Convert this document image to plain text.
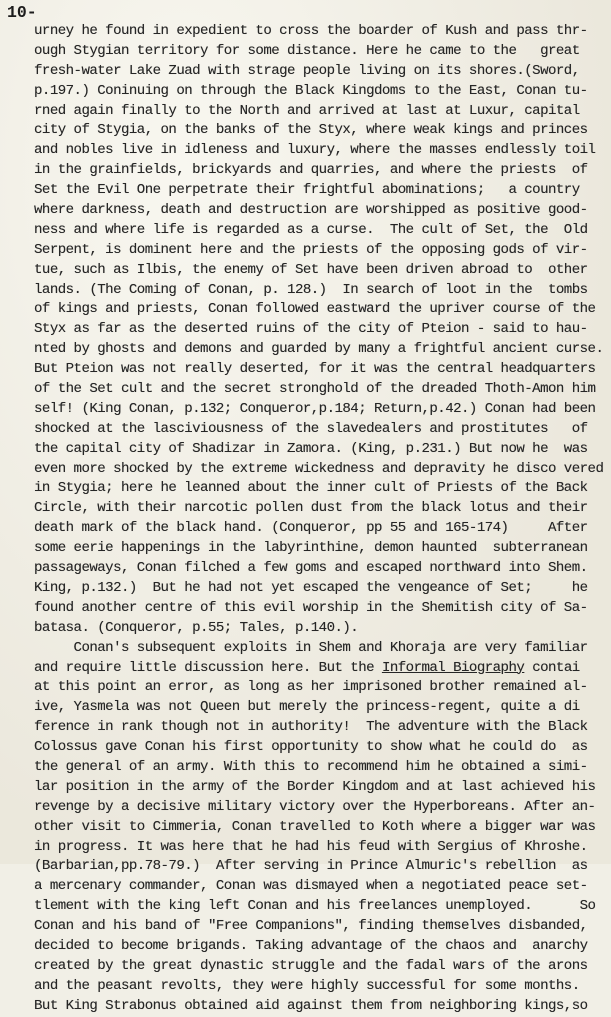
10-
urney he found in expedient to cross the boarder of Kush and pass thr-
ough Stygian territory for some distance. Here he came to the   great
fresh-water Lake Zuad with strage people living on its shores.(Sword,
p.197.) Coninuing on through the Black Kingdoms to the East, Conan tu-
rned again finally to the North and arrived at last at Luxur, capital
city of Stygia, on the banks of the Styx, where weak kings and princes
and nobles live in idleness and luxury, where the masses endlessly toil
in the grainfields, brickyards and quarries, and where the priests  of
Set the Evil One perpetrate their frightful abominations;   a country
where darkness, death and destruction are worshipped as positive good-
ness and where life is regarded as a curse.  The cult of Set, the  Old
Serpent, is dominent here and the priests of the opposing gods of vir-
tue, such as Ilbis, the enemy of Set have been driven abroad to  other
lands. (The Coming of Conan, p. 128.)  In search of loot in the  tombs
of kings and priests, Conan followed eastward the upriver course of the
Styx as far as the deserted ruins of the city of Pteion - said to hau-
nted by ghosts and demons and guarded by many a frightful ancient curse.
But Pteion was not really deserted, for it was the central headquarters
of the Set cult and the secret stronghold of the dreaded Thoth-Amon him
self! (King Conan, p.132; Conqueror,p.184; Return,p.42.) Conan had been
shocked at the lasciviousness of the slavedealers and prostitutes   of
the capital city of Shadizar in Zamora. (King, p.231.) But now he  was
even more shocked by the extreme wickedness and depravity he disco vered
in Stygia; here he leanned about the inner cult of Priests of the Back
Circle, with their narcotic pollen dust from the black lotus and their
death mark of the black hand. (Conqueror, pp 55 and 165-174)     After
some eerie happenings in the labyrinthine, demon haunted  subterranean
passageways, Conan filched a few goms and escaped northward into Shem.
King, p.132.)  But he had not yet escaped the vengeance of Set;     he
found another centre of this evil worship in the Shemitish city of Sa-
batasa. (Conqueror, p.55; Tales, p.140.).
Conan's subsequent exploits in Shem and Khoraja are very familiar
and require little discussion here. But the Informal Biography contai
at this point an error, as long as her imprisoned brother remained al-
ive, Yasmela was not Queen but merely the princess-regent, quite a di
ference in rank though not in authority!  The adventure with the Black
Colossus gave Conan his first opportunity to show what he could do  as
the general of an army. With this to recommend him he obtained a simi-
lar position in the army of the Border Kingdom and at last achieved his
revenge by a decisive military victory over the Hyperboreans. After an-
other visit to Cimmeria, Conan travelled to Koth where a bigger war was
in progress. It was here that he had his feud with Sergius of Khroshe.
(Barbarian,pp.78-79.)  After serving in Prince Almuric's rebellion  as
a mercenary commander, Conan was dismayed when a negotiated peace set-
tlement with the king left Conan and his freelances unemployed.      So
Conan and his band of "Free Companions", finding themselves disbanded,
decided to become brigands. Taking advantage of the chaos and  anarchy
created by the great dynastic struggle and the fadal wars of the arons
and the peasant revolts, they were highly successful for some months.
But King Strabonus obtained aid against them from neighboring kings,so
